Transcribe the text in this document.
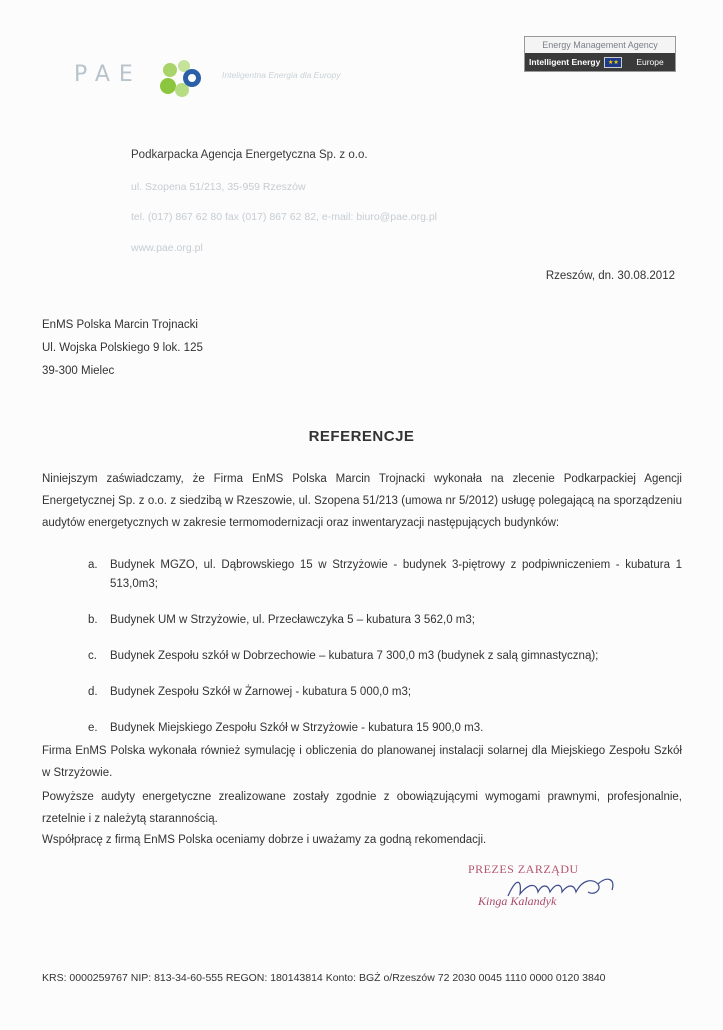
PAE	Inteligentna Energia dla Europy
Energy Management Agency
Intelligent Energy	★★	Europe
Podkarpacka Agencja Energetyczna Sp. z o.o.
ul. Szopena 51/213, 35-959 Rzeszów
tel. (017) 867 62 80 fax (017) 867 62 82, e-mail: biuro@pae.org.pl
www.pae.org.pl
Rzeszów, dn. 30.08.2012
EnMS Polska Marcin Trojnacki
Ul. Wojska Polskiego 9 lok. 125
39-300 Mielec
REFERENCJE
Niniejszym zaświadczamy, że Firma EnMS Polska Marcin Trojnacki wykonała na zlecenie Podkarpackiej Agencji Energetycznej Sp. z o.o. z siedzibą w Rzeszowie, ul. Szopena 51/213 (umowa nr 5/2012) usługę polegającą na sporządzeniu audytów energetycznych w zakresie termomodernizacji oraz inwentaryzacji następujących budynków:
a.	Budynek MGZO, ul. Dąbrowskiego 15 w Strzyżowie - budynek 3-piętrowy z podpiwniczeniem - kubatura 1 513,0m3;
b.	Budynek UM w Strzyżowie, ul. Przecławczyka 5 – kubatura 3 562,0 m3;
c.	Budynek Zespołu szkół w Dobrzechowie – kubatura 7 300,0 m3 (budynek z salą gimnastyczną);
d.	Budynek Zespołu Szkół w Żarnowej - kubatura 5 000,0 m3;
e.	Budynek Miejskiego Zespołu Szkół w Strzyżowie - kubatura 15 900,0 m3.
Firma EnMS Polska wykonała również symulację i obliczenia do planowanej instalacji solarnej dla Miejskiego Zespołu Szkół w Strzyżowie.
Powyższe audyty energetyczne zrealizowane zostały zgodnie z obowiązującymi wymogami prawnymi, profesjonalnie, rzetelnie i z należytą starannością.
Współpracę z firmą EnMS Polska oceniamy dobrze i uważamy za godną rekomendacji.
PREZES ZARZĄDU
Kinga Kalandyk
KRS: 0000259767 NIP: 813-34-60-555 REGON: 180143814 Konto: BGŻ o/Rzeszów 72 2030 0045 1110 0000 0120 3840
